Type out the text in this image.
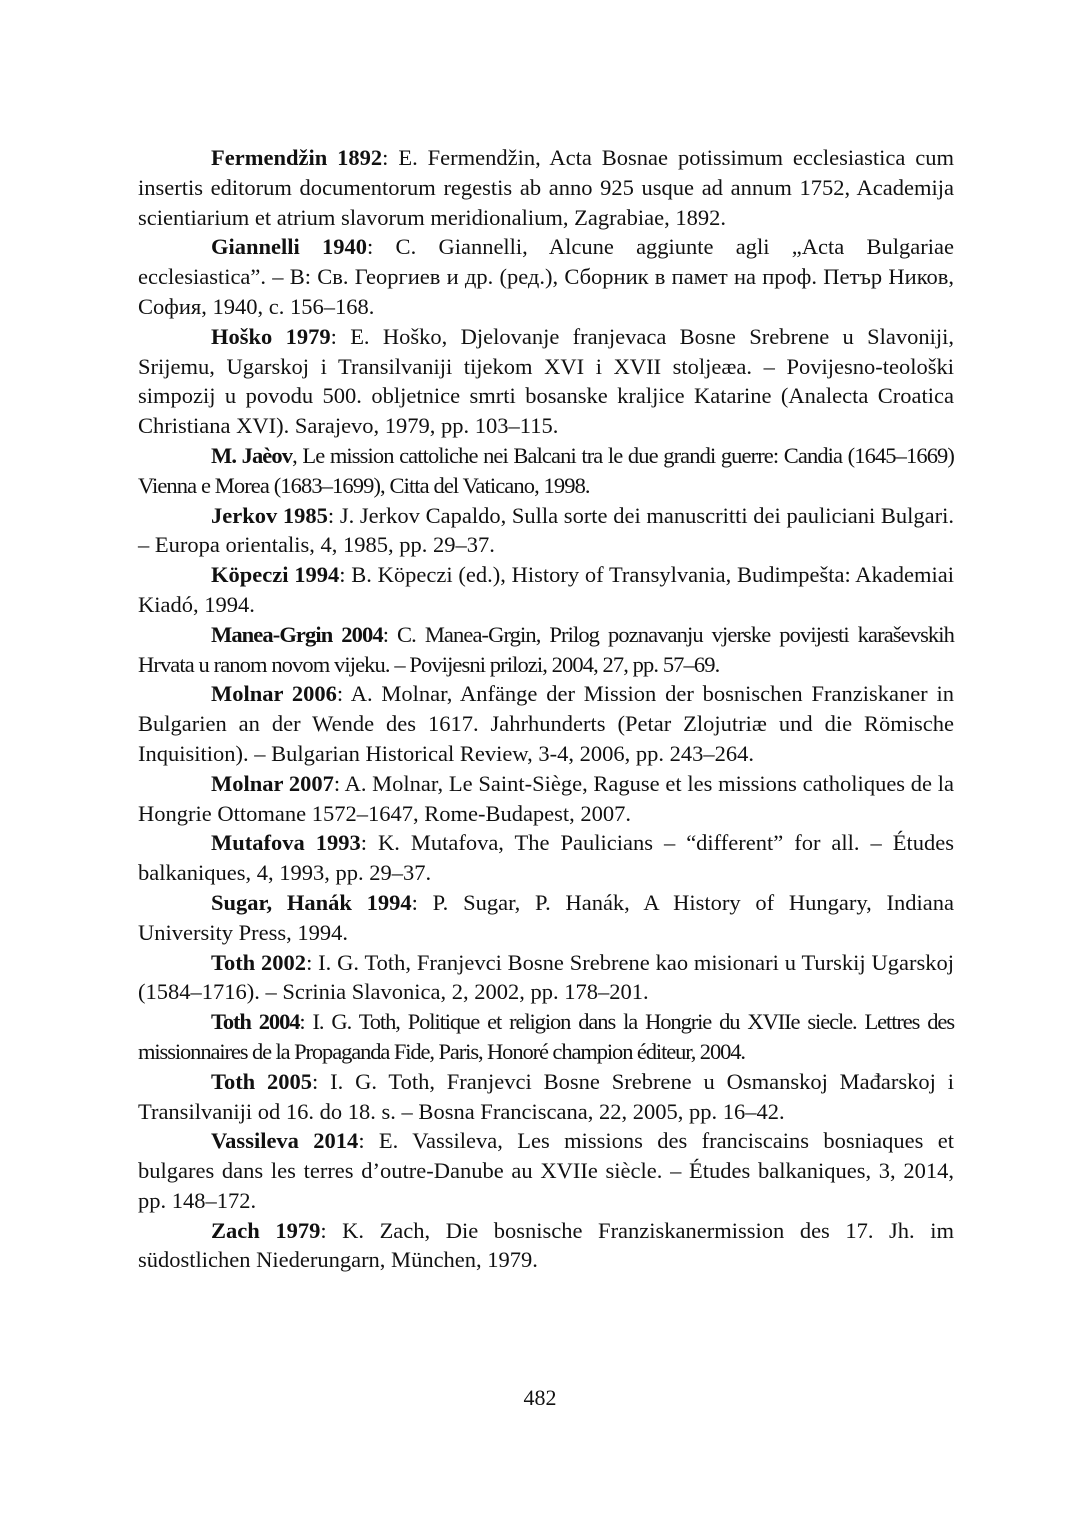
Fermendžin 1892: E. Fermendžin, Acta Bosnae potissimum ecclesiastica cum insertis editorum documentorum regestis ab anno 925 usque ad annum 1752, Academija scientiarium et atrium slavorum meridionalium, Zagrabiae, 1892.

Giannelli 1940: C. Giannelli, Alcune aggiunte agli „Acta Bulgariae ecclesiastica”. – В: Св. Георгиев и др. (ред.), Сборник в памет на проф. Петър Ников, София, 1940, с. 156–168.

Hoško 1979: E. Hoško, Djelovanje franjevaca Bosne Srebrene u Slavoniji, Srijemu, Ugarskoj i Transilvaniji tijekom XVI i XVII stoljeæa. – Povijesno-teološki simpozij u povodu 500. obljetnice smrti bosanske kraljice Katarine (Analecta Croatica Christiana XVI). Sarajevo, 1979, pp. 103–115.

M. Jaèov, Le mission cattoliche nei Balcani tra le due grandi guerre: Candia (1645–1669) Vienna e Morea (1683–1699), Citta del Vaticano, 1998.

Jerkov 1985: J. Jerkov Capaldo, Sulla sorte dei manuscritti dei pauliciani Bulgari. – Europa orientalis, 4, 1985, pp. 29–37.

Köpeczi 1994: B. Köpeczi (ed.), History of Transylvania, Budimpešta: Akademiai Kiadó, 1994.

Manea-Grgin 2004: C. Manea-Grgin, Prilog poznavanju vjerske povijesti karaševskih Hrvata u ranom novom vijeku. – Povijesni prilozi, 2004, 27, pp. 57–69.

Molnar 2006: A. Molnar, Anfänge der Mission der bosnischen Franziskaner in Bulgarien an der Wende des 1617. Jahrhunderts (Petar Zlojutriæ und die Römische Inquisition). – Bulgarian Historical Review, 3-4, 2006, pp. 243–264.

Molnar 2007: A. Molnar, Le Saint-Siège, Raguse et les missions catholiques de la Hongrie Ottomane 1572–1647, Rome-Budapest, 2007.

Mutafova 1993: K. Mutafova, The Paulicians – “different” for all. – Études balkaniques, 4, 1993, pp. 29–37.

Sugar, Hanák 1994: P. Sugar, P. Hanák, A History of Hungary, Indiana University Press, 1994.

Toth 2002: I. G. Toth, Franjevci Bosne Srebrene kao misionari u Turskij Ugarskoj (1584–1716). – Scrinia Slavonica, 2, 2002, pp. 178–201.

Toth 2004: I. G. Toth, Politique et religion dans la Hongrie du XVIIe siecle. Lettres des missionnaires de la Propaganda Fide, Paris, Honoré champion éditeur, 2004.

Toth 2005: I. G. Toth, Franjevci Bosne Srebrene u Osmanskoj Mađarskoj i Transilvaniji od 16. do 18. s. – Bosna Franciscana, 22, 2005, pp. 16–42.

Vassileva 2014: E. Vassileva, Les missions des franciscains bosniaques et bulgares dans les terres d’outre-Danube au XVIIe siècle. – Études balkaniques, 3, 2014, pp. 148–172.

Zach 1979: K. Zach, Die bosnische Franziskanermission des 17. Jh. im südostlichen Niederungarn, München, 1979.

482
